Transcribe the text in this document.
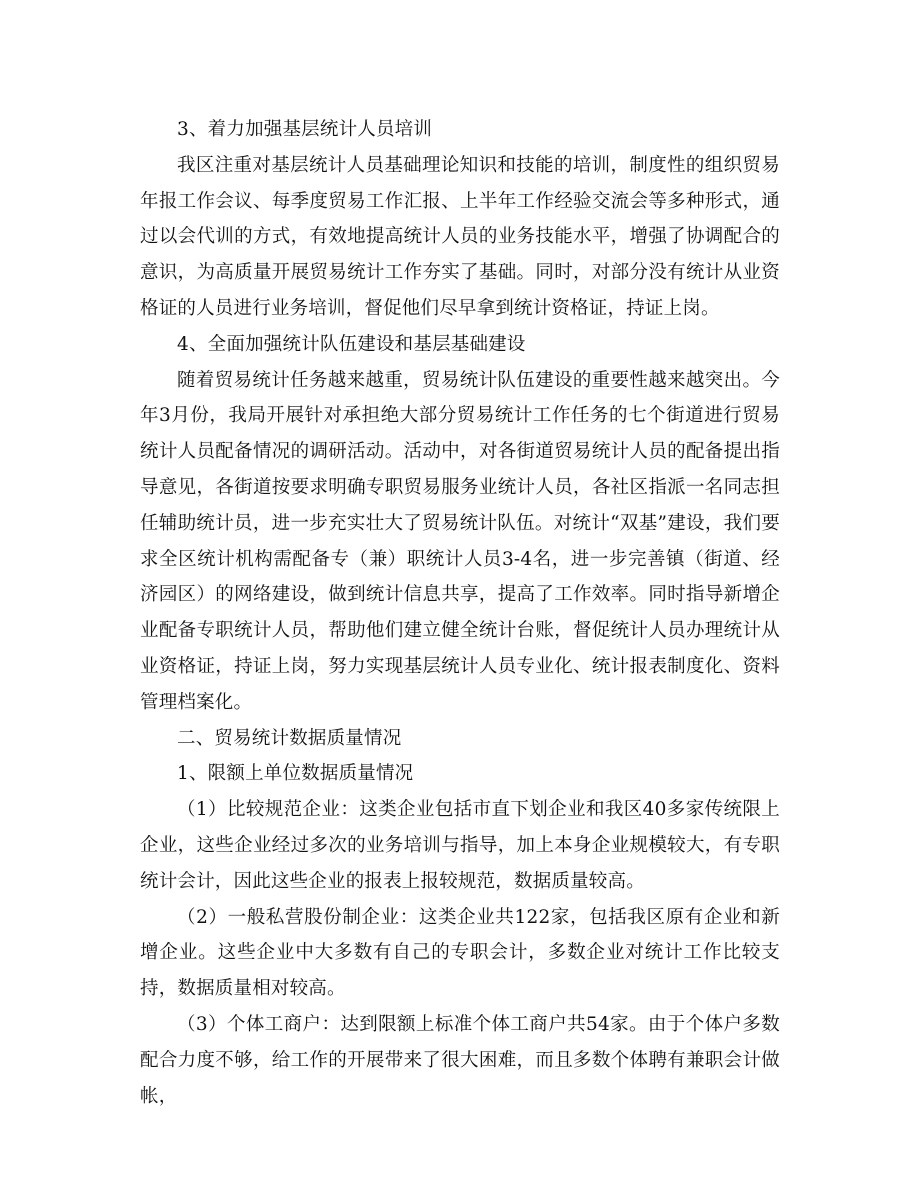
3、着力加强基层统计人员培训

我区注重对基层统计人员基础理论知识和技能的培训，制度性的组织贸易年报工作会议、每季度贸易工作汇报、上半年工作经验交流会等多种形式，通过以会代训的方式，有效地提高统计人员的业务技能水平，增强了协调配合的意识，为高质量开展贸易统计工作夯实了基础。同时，对部分没有统计从业资格证的人员进行业务培训，督促他们尽早拿到统计资格证，持证上岗。

4、全面加强统计队伍建设和基层基础建设

随着贸易统计任务越来越重，贸易统计队伍建设的重要性越来越突出。今年3月份，我局开展针对承担绝大部分贸易统计工作任务的七个街道进行贸易统计人员配备情况的调研活动。活动中，对各街道贸易统计人员的配备提出指导意见，各街道按要求明确专职贸易服务业统计人员，各社区指派一名同志担任辅助统计员，进一步充实壮大了贸易统计队伍。对统计“双基”建设，我们要求全区统计机构需配备专（兼）职统计人员3-4名，进一步完善镇（街道、经济园区）的网络建设，做到统计信息共享，提高了工作效率。同时指导新增企业配备专职统计人员，帮助他们建立健全统计台账，督促统计人员办理统计从业资格证，持证上岗，努力实现基层统计人员专业化、统计报表制度化、资料管理档案化。

二、贸易统计数据质量情况

1、限额上单位数据质量情况

（1）比较规范企业：这类企业包括市直下划企业和我区40多家传统限上企业，这些企业经过多次的业务培训与指导，加上本身企业规模较大，有专职统计会计，因此这些企业的报表上报较规范，数据质量较高。

（2）一般私营股份制企业：这类企业共122家，包括我区原有企业和新增企业。这些企业中大多数有自己的专职会计，多数企业对统计工作比较支持，数据质量相对较高。

（3）个体工商户：达到限额上标准个体工商户共54家。由于个体户多数配合力度不够，给工作的开展带来了很大困难，而且多数个体聘有兼职会计做帐，
